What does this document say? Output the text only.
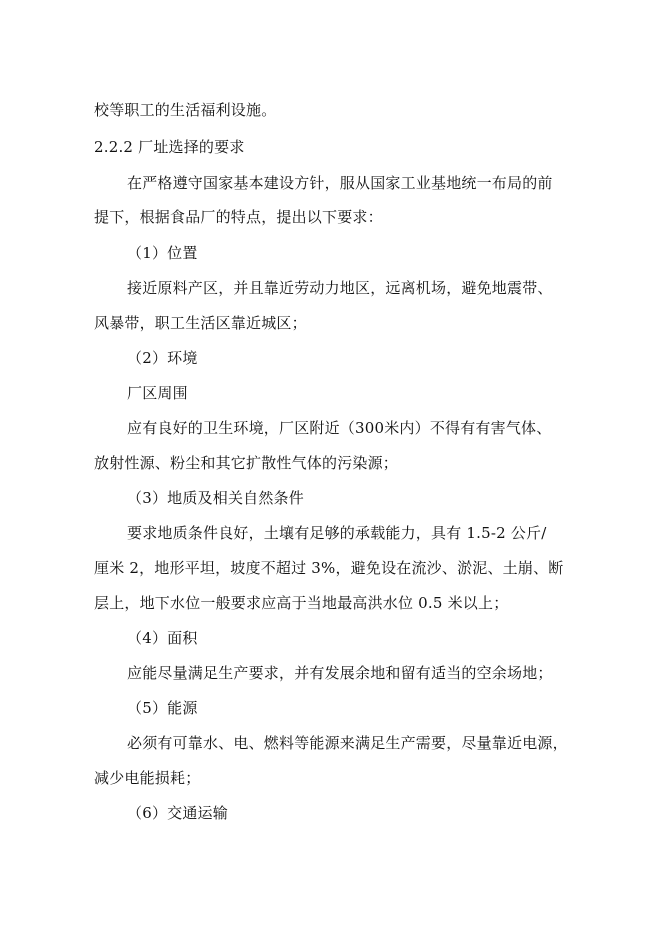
校等职工的生活福利设施。
2.2.2 厂址选择的要求
在严格遵守国家基本建设方针，服从国家工业基地统一布局的前
提下，根据食品厂的特点，提出以下要求：
（1）位置
接近原料产区，并且靠近劳动力地区，远离机场，避免地震带、
风暴带，职工生活区靠近城区；
（2）环境
厂区周围
应有良好的卫生环境，厂区附近（300米内）不得有有害气体、
放射性源、粉尘和其它扩散性气体的污染源；
（3）地质及相关自然条件
要求地质条件良好，土壤有足够的承载能力，具有 1.5-2 公斤/
厘米 2，地形平坦，坡度不超过 3%，避免设在流沙、淤泥、土崩、断
层上，地下水位一般要求应高于当地最高洪水位 0.5 米以上；
（4）面积
应能尽量满足生产要求，并有发展余地和留有适当的空余场地；
（5）能源
必须有可靠水、电、燃料等能源来满足生产需要，尽量靠近电源，
减少电能损耗；
（6）交通运输
